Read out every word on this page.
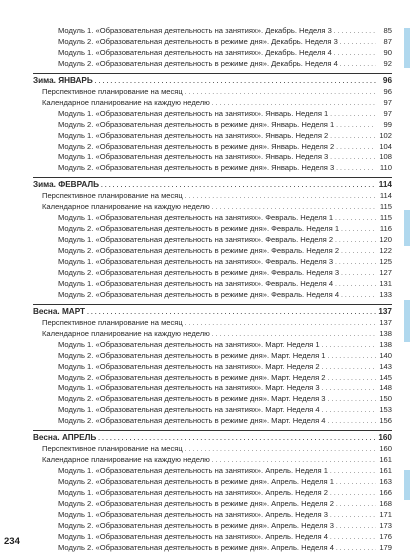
Модуль 1. «Образовательная деятельность на занятиях». Декабрь. Неделя 3 . . .	85
Модуль 2. «Образовательная деятельность в режиме дня». Декабрь. Неделя 3 . . .	87
Модуль 1. «Образовательная деятельность на занятиях». Декабрь. Неделя 4 . . .	90
Модуль 2. «Образовательная деятельность в режиме дня». Декабрь. Неделя 4 . . .	92
Зима. ЯНВАРЬ . . .	96
Перспективное планирование на месяц . . .	96
Календарное планирование на каждую неделю . . .	97
Модуль 1. «Образовательная деятельность на занятиях». Январь. Неделя 1 . . .	97
Модуль 2. «Образовательная деятельность в режиме дня». Январь. Неделя 1 . . .	99
Модуль 1. «Образовательная деятельность на занятиях». Январь. Неделя 2 . . .	102
Модуль 2. «Образовательная деятельность в режиме дня». Январь. Неделя 2 . . .	104
Модуль 1. «Образовательная деятельность на занятиях». Январь. Неделя 3 . . .	108
Модуль 2. «Образовательная деятельность в режиме дня». Январь. Неделя 3 . . .	110
Зима. ФЕВРАЛЬ . . .	114
Перспективное планирование на месяц . . .	114
Календарное планирование на каждую неделю . . .	115
Модуль 1. «Образовательная деятельность на занятиях». Февраль. Неделя 1 . . .	115
Модуль 2. «Образовательная деятельность в режиме дня». Февраль. Неделя 1 . . .	116
Модуль 1. «Образовательная деятельность на занятиях». Февраль. Неделя 2 . . .	120
Модуль 2. «Образовательная деятельность в режиме дня». Февраль. Неделя 2 . . .	122
Модуль 1. «Образовательная деятельность на занятиях». Февраль. Неделя 3 . . .	125
Модуль 2. «Образовательная деятельность в режиме дня». Февраль. Неделя 3 . . .	127
Модуль 1. «Образовательная деятельность на занятиях». Февраль. Неделя 4 . . .	131
Модуль 2. «Образовательная деятельность в режиме дня». Февраль. Неделя 4 . . .	133
Весна. МАРТ . . .	137
Перспективное планирование на месяц . . .	137
Календарное планирование на каждую неделю . . .	138
Модуль 1. «Образовательная деятельность на занятиях». Март. Неделя 1 . . .	138
Модуль 2. «Образовательная деятельность в режиме дня». Март. Неделя 1 . . .	140
Модуль 1. «Образовательная деятельность на занятиях». Март. Неделя 2 . . .	143
Модуль 2. «Образовательная деятельность в режиме дня». Март. Неделя 2 . . .	145
Модуль 1. «Образовательная деятельность на занятиях». Март. Неделя 3 . . .	148
Модуль 2. «Образовательная деятельность в режиме дня». Март. Неделя 3 . . .	150
Модуль 1. «Образовательная деятельность на занятиях». Март. Неделя 4 . . .	153
Модуль 2. «Образовательная деятельность в режиме дня». Март. Неделя 4 . . .	156
Весна. АПРЕЛЬ . . .	160
Перспективное планирование на месяц . . .	160
Календарное планирование на каждую неделю . . .	161
Модуль 1. «Образовательная деятельность на занятиях». Апрель. Неделя 1 . . .	161
Модуль 2. «Образовательная деятельность в режиме дня». Апрель. Неделя 1 . . .	163
Модуль 1. «Образовательная деятельность на занятиях». Апрель. Неделя 2 . . .	166
Модуль 2. «Образовательная деятельность в режиме дня». Апрель. Неделя 2 . . .	168
Модуль 1. «Образовательная деятельность на занятиях». Апрель. Неделя 3 . . .	171
Модуль 2. «Образовательная деятельность в режиме дня». Апрель. Неделя 3 . . .	173
Модуль 1. «Образовательная деятельность на занятиях». Апрель. Неделя 4 . . .	176
Модуль 2. «Образовательная деятельность в режиме дня». Апрель. Неделя 4 . . .	179
234
